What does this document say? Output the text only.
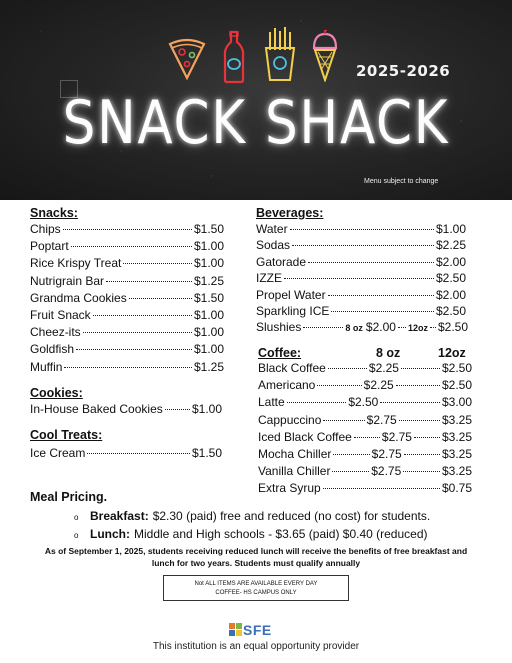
2025-2026
SNACK SHACK
Menu subject to change
Snacks:
Chips	$1.50
Poptart	$1.00
Rice Krispy Treat	$1.00
Nutrigrain Bar	$1.25
Grandma Cookies	$1.50
Fruit Snack	$1.00
Cheez-its	$1.00
Goldfish	$1.00
Muffin	$1.25
Cookies:
In-House Baked Cookies $1.00
Cool Treats:
Ice Cream	$1.50
Beverages:
Water	$1.00
Sodas	$2.25
Gatorade	$2.00
IZZE	$2.50
Propel Water	$2.00
Sparkling ICE	$2.50
Slushies	8 oz $2.00 12oz $2.50
Coffee:	8 oz	12oz
Black Coffee	$2.25	$2.50
Americano	$2.25	$2.50
Latte	$2.50	$3.00
Cappuccino	$2.75	$3.25
Iced Black Coffee	$2.75	$3.25
Mocha Chiller	$2.75	$3.25
Vanilla Chiller	$2.75	$3.25
Extra Syrup	$0.75
Meal Pricing.
o Breakfast: $2.30 (paid) free and reduced (no cost) for students.
o Lunch: Middle and High schools - $3.65 (paid) $0.40 (reduced)
As of September 1, 2025, students receiving reduced lunch will receive the benefits of free breakfast and
lunch for two years. Students must qualify annually
Not ALL ITEMS ARE AVAILABLE EVERY DAY
COFFEE- HS CAMPUS ONLY
SFE
This institution is an equal opportunity provider
